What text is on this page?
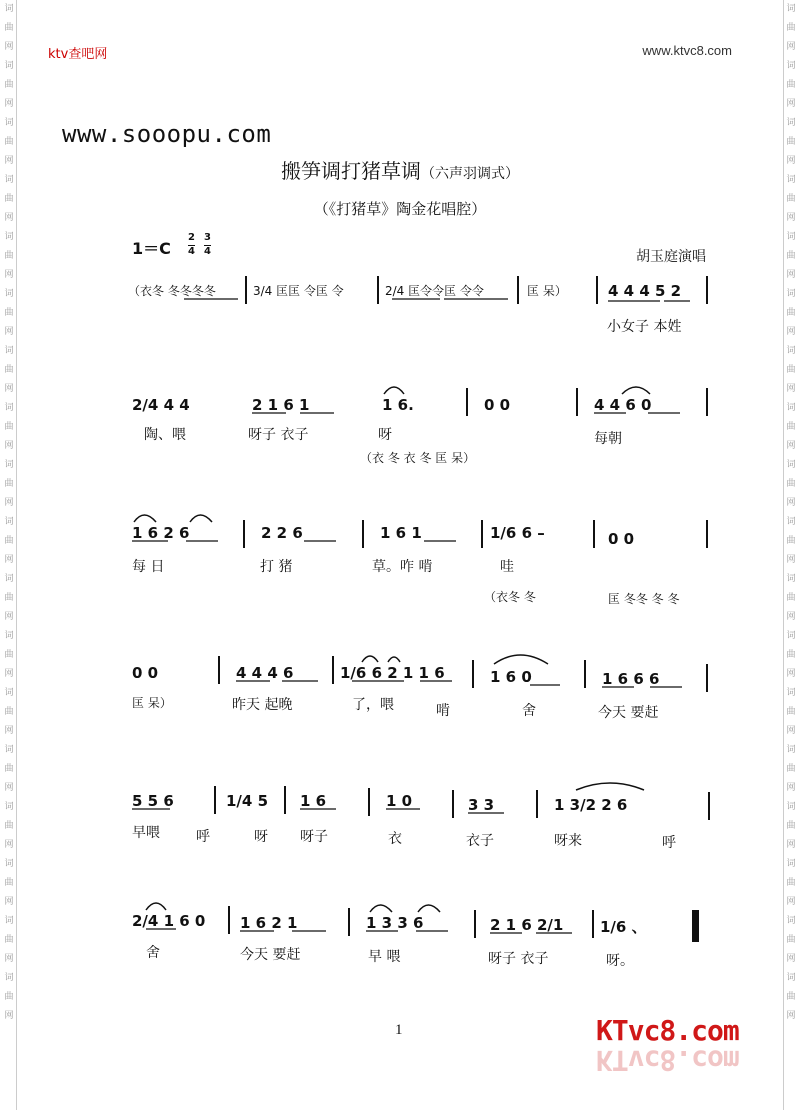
词曲网词曲网词曲网词曲网词曲网词曲网词曲网词曲网词曲网词曲网词曲网词曲网词曲网词曲网词曲网词曲网词曲网词曲网
词曲网词曲网词曲网词曲网词曲网词曲网词曲网词曲网词曲网词曲网词曲网词曲网词曲网词曲网词曲网词曲网词曲网词曲网
ktv查吧网	www.ktvc8.com
www.sooopu.com
搬笋调打猪草调（六声羽调式）
（《打猪草》陶金花唱腔）
1＝C
2
4
3
4	胡玉庭演唱
（衣冬 冬冬冬冬	3/4 匡匡 令匡 令	2/4 匡令令匡 令令	匡 呆）	4 4 4 5 2
小女子 本姓
2/4 4 4	2 1 6 1	1 6.	0 0	4 4 6 0
陶、喂	呀子 衣子	呀	每朝
（衣 冬 衣 冬 匡 呆）
1 6 2 6	2 2 6	1 6 1	1/6 6 –	0 0
每 日	打 猪	草。咋 啃	哇
（衣冬 冬	匡 冬冬 冬 冬
0 0	4 4 4 6	1/6 6 2 1 1 6	1 6 0	1 6 6 6
匡 呆）	昨天 起晚	了，喂	啃	舍	今天 要赶
5 5 6	1/4 5 1 6	1 0	3 3	1 3/2 2 6
早喂	呼	呀 呀子	衣	衣子	呀来	呼
2/4 1 6 0 1 6 2 1	1 3 3 6	2 1 6 2/1 1/6 、
舍	今天 要赶	早 喂	呀子 衣子	呀。
1	KTvc8.com
KTvc8.com
